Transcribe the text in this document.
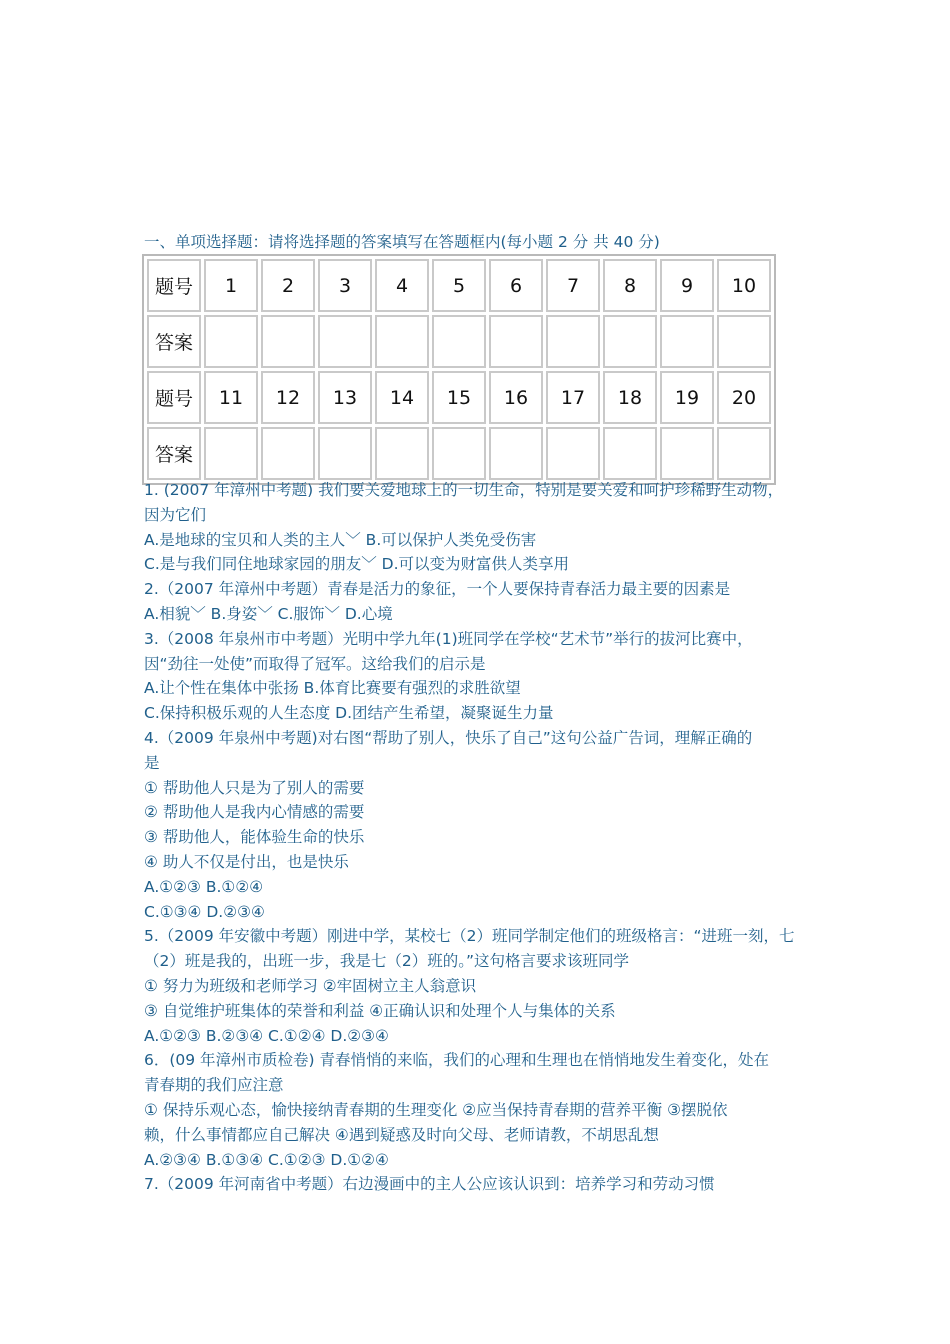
一、单项选择题：请将选择题的答案填写在答题框内(每小题 2 分 共 40 分)
题号	1	2	3	4	5	6	7	8	9	10
答案										
题号	11	12	13	14	15	16	17	18	19	20
答案										
1. (2007 年漳州中考题) 我们要关爱地球上的一切生命，特别是要关爱和呵护珍稀野生动物，
因为它们
A.是地球的宝贝和人类的主人﹀ B.可以保护人类免受伤害
C.是与我们同住地球家园的朋友﹀ D.可以变为财富供人类享用
2.（2007 年漳州中考题）青春是活力的象征，一个人要保持青春活力最主要的因素是
A.相貌﹀ B.身姿﹀ C.服饰﹀ D.心境
3.（2008 年泉州市中考题）光明中学九年(1)班同学在学校“艺术节”举行的拔河比赛中，
因“劲往一处使”而取得了冠军。这给我们的启示是
A.让个性在集体中张扬 B.体育比赛要有强烈的求胜欲望
C.保持积极乐观的人生态度 D.团结产生希望，凝聚诞生力量
4.（2009 年泉州中考题)对右图“帮助了别人，快乐了自己”这句公益广告词，理解正确的
是
① 帮助他人只是为了别人的需要
② 帮助他人是我内心情感的需要
③ 帮助他人，能体验生命的快乐
④ 助人不仅是付出，也是快乐
A.①②③ B.①②④
C.①③④ D.②③④
5.（2009 年安徽中考题）刚进中学，某校七（2）班同学制定他们的班级格言：“进班一刻，七
（2）班是我的，出班一步，我是七（2）班的。”这句格言要求该班同学
① 努力为班级和老师学习 ②牢固树立主人翁意识
③ 自觉维护班集体的荣誉和利益 ④正确认识和处理个人与集体的关系
A.①②③ B.②③④ C.①②④ D.②③④
6．(09 年漳州市质检卷) 青春悄悄的来临，我们的心理和生理也在悄悄地发生着变化，处在
青春期的我们应注意
① 保持乐观心态，愉快接纳青春期的生理变化 ②应当保持青春期的营养平衡 ③摆脱依
赖，什么事情都应自己解决 ④遇到疑惑及时向父母、老师请教，不胡思乱想
A.②③④ B.①③④ C.①②③ D.①②④
7.（2009 年河南省中考题）右边漫画中的主人公应该认识到：培养学习和劳动习惯
